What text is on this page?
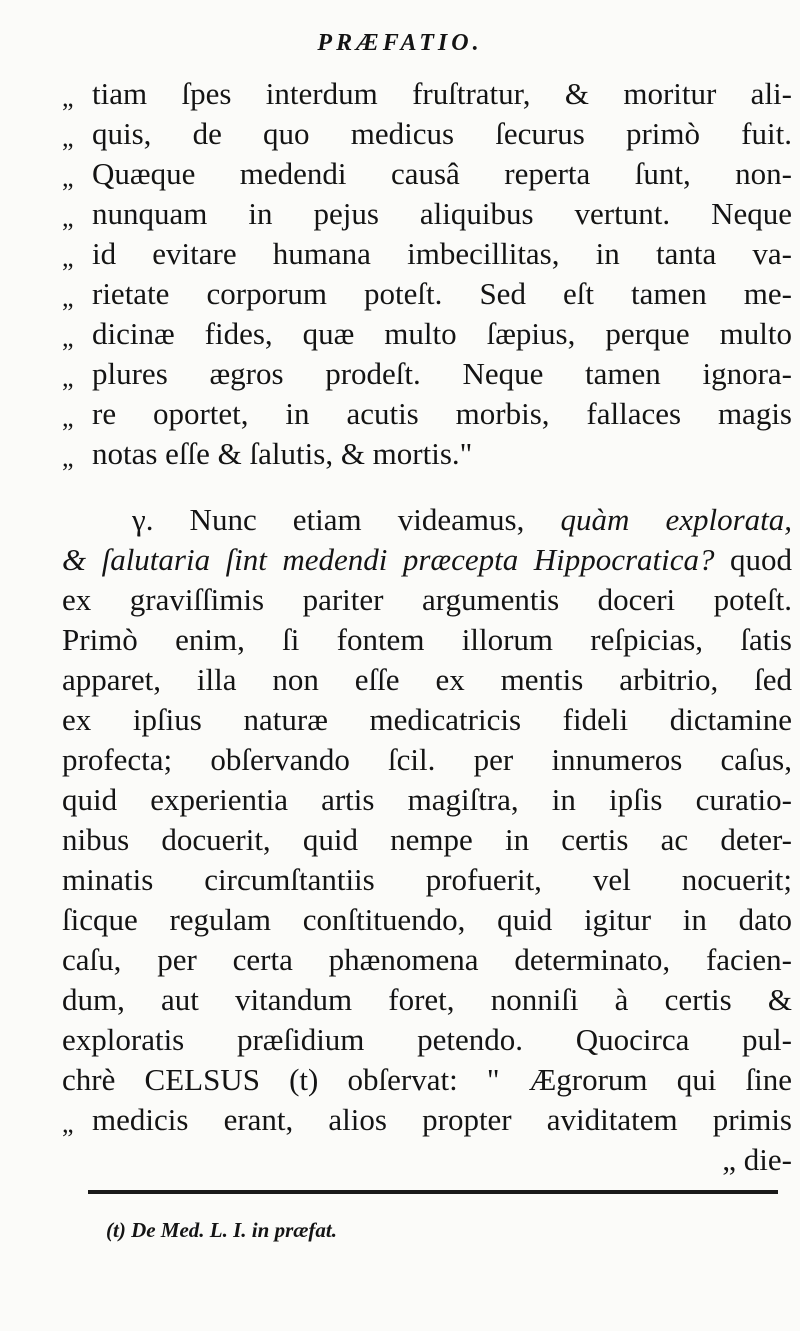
PRÆFATIO.
„ tiam ſpes interdum fruſtratur, & moritur ali-
„ quis, de quo medicus ſecurus primò fuit.
„ Quæque medendi causâ reperta ſunt, non-
„ nunquam in pejus aliquibus vertunt. Neque
„ id evitare humana imbecillitas, in tanta va-
„ rietate corporum poteſt. Sed eſt tamen me-
„ dicinæ fides, quæ multo ſæpius, perque multo
„ plures ægros prodeſt. Neque tamen ignora-
„ re oportet, in acutis morbis, fallaces magis
„ notas eſſe & ſalutis, & mortis."
γ. Nunc etiam videamus, quàm explorata,
& ſalutaria ſint medendi præcepta Hippocratica? quod
ex graviſſimis pariter argumentis doceri poteſt.
Primò enim, ſi fontem illorum reſpicias, ſatis
apparet, illa non eſſe ex mentis arbitrio, ſed
ex ipſius naturæ medicatricis fideli dictamine
profecta; obſervando ſcil. per innumeros caſus,
quid experientia artis magiſtra, in ipſis curatio-
nibus docuerit, quid nempe in certis ac deter-
minatis circumſtantiis profuerit, vel nocuerit;
ſicque regulam conſtituendo, quid igitur in dato
caſu, per certa phænomena determinato, facien-
dum, aut vitandum foret, nonniſi à certis &
exploratis præſidium petendo. Quocirca pul-
chrè CELSUS (t) obſervat: " Ægrorum qui ſine
„ medicis erant, alios propter aviditatem primis
„ die-
(t) De Med. L. I. in præfat.
